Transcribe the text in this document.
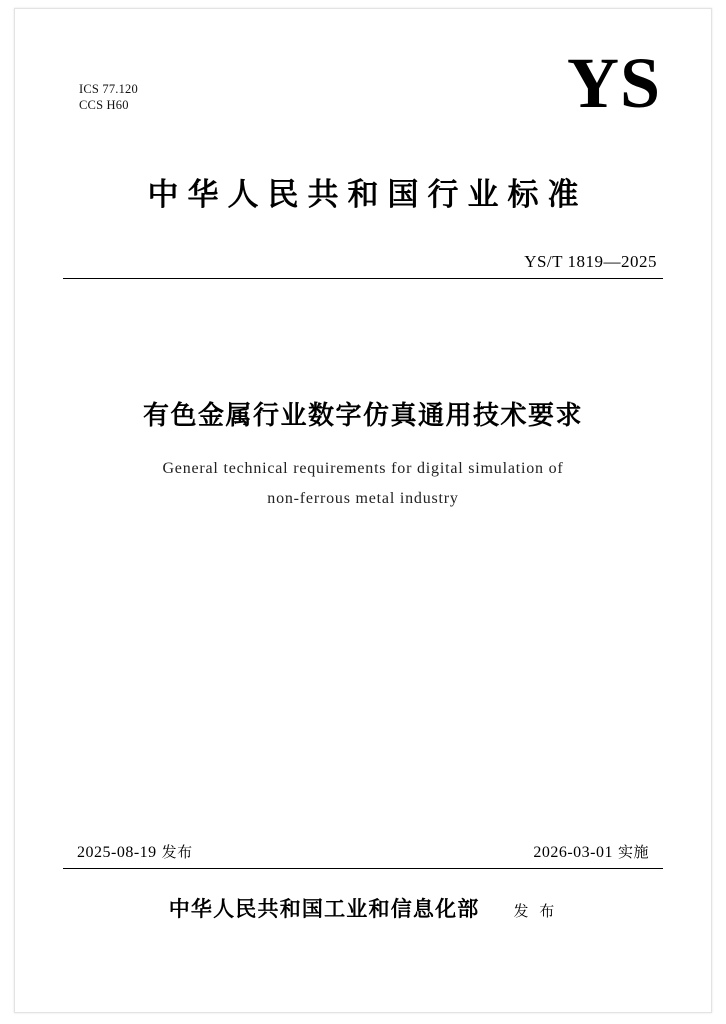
ICS 77.120
CCS H60	YS
中华人民共和国行业标准
YS/T 1819—2025
有色金属行业数字仿真通用技术要求
General technical requirements for digital simulation of
non-ferrous metal industry
2025-08-19 发布	2026-03-01 实施
中华人民共和国工业和信息化部 发 布
